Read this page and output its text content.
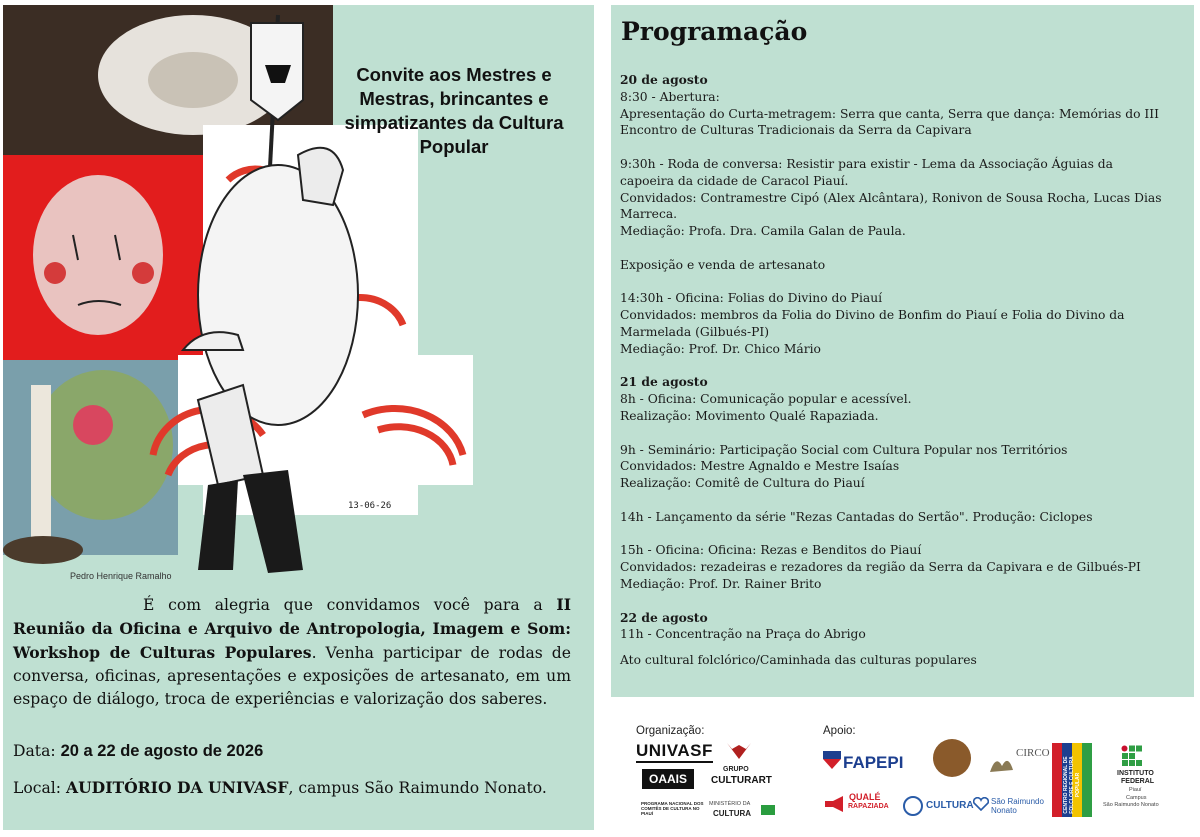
13-06-26
Pedro Henrique Ramalho
Convite aos Mestres e
Mestras, brincantes e
simpatizantes da Cultura
Popular
É com alegria que convidamos você para a II Reunião da Oficina e Arquivo de Antropologia, Imagem e Som: Workshop de Culturas Populares. Venha participar de rodas de conversa, oficinas, apresentações e exposições de artesanato, em um espaço de diálogo, troca de experiências e valorização dos saberes.
Data: 20 a 22 de agosto de 2026
Local: AUDITÓRIO DA UNIVASF, campus São Raimundo Nonato.
Programação
20 de agosto
8:30 - Abertura:
Apresentação do Curta-metragem: Serra que canta, Serra que dança: Memórias do III
Encontro de Culturas Tradicionais da Serra da Capivara
9:30h - Roda de conversa: Resistir para existir - Lema da Associação Águias da
capoeira da cidade de Caracol Piauí.
Convidados: Contramestre Cipó (Alex Alcântara), Ronivon de Sousa Rocha, Lucas Dias
Marreca.
Mediação: Profa. Dra. Camila Galan de Paula.
Exposição e venda de artesanato
14:30h - Oficina: Folias do Divino do Piauí
Convidados: membros da Folia do Divino de Bonfim do Piauí e Folia do Divino da
Marmelada (Gilbués-PI)
Mediação: Prof. Dr. Chico Mário
21 de agosto
8h - Oficina: Comunicação popular e acessível.
Realização: Movimento Qualé Rapaziada.
9h - Seminário: Participação Social com Cultura Popular nos Territórios
Convidados: Mestre Agnaldo e Mestre Isaías
Realização: Comitê de Cultura do Piauí
14h - Lançamento da série "Rezas Cantadas do Sertão". Produção: Ciclopes
15h - Oficina: Oficina: Rezas e Benditos do Piauí
Convidados: rezadeiras e rezadores da região da Serra da Capivara e de Gilbués-PI
Mediação: Prof. Dr. Rainer Brito
22 de agosto
11h - Concentração na Praça do Abrigo
Ato cultural folclórico/Caminhada das culturas populares
Organização:	Apoio:
UNIVASF
OAAIS
PROGRAMA NACIONAL DOS COMITÊS DE CULTURA NO PIAUÍ
GRUPO
CULTURART
MINISTÉRIO DA
CULTURA
FAPEPI
QUALÉ
RAPAZIADA	CULTURA São Raimundo
Nonato
CIRCO
CENTRO REGIONAL DE FOLCLORE E CULTURA POPULAR	INSTITUTO
FEDERAL
Piauí
Campus
São Raimundo Nonato
